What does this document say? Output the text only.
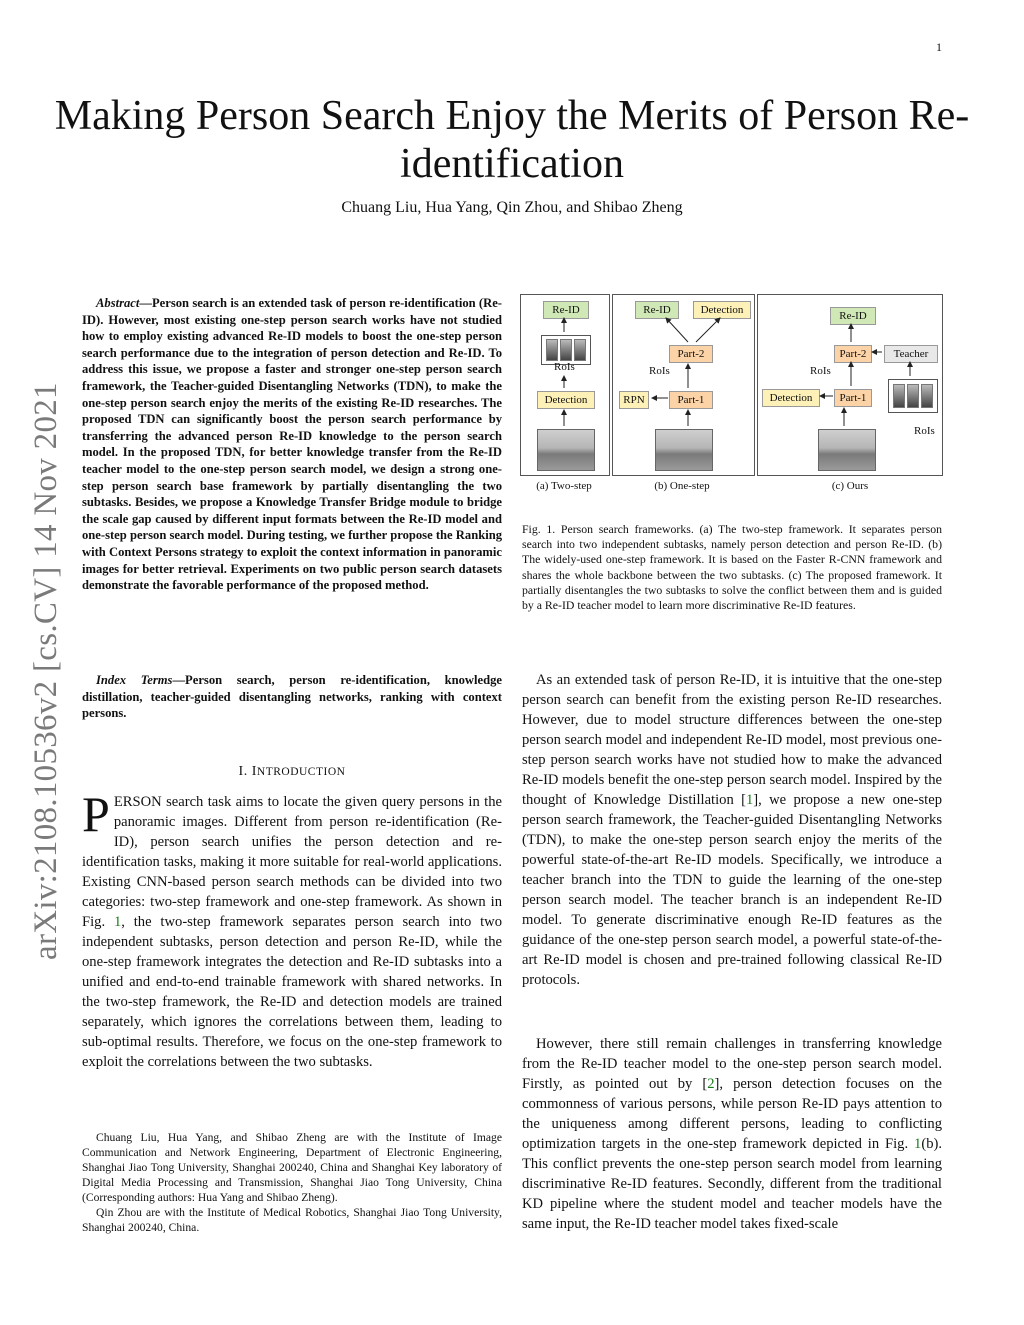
1
arXiv:2108.10536v2 [cs.CV] 14 Nov 2021
Making Person Search Enjoy the Merits of Person Re-identification
Chuang Liu, Hua Yang, Qin Zhou, and Shibao Zheng
Abstract—Person search is an extended task of person re-identification (Re-ID). However, most existing one-step person search works have not studied how to employ existing advanced Re-ID models to boost the one-step person search performance due to the integration of person detection and Re-ID. To address this issue, we propose a faster and stronger one-step person search framework, the Teacher-guided Disentangling Networks (TDN), to make the one-step person search enjoy the merits of the existing Re-ID researches. The proposed TDN can significantly boost the person search performance by transferring the advanced person Re-ID knowledge to the person search model. In the proposed TDN, for better knowledge transfer from the Re-ID teacher model to the one-step person search model, we design a strong one-step person search base framework by partially disentangling the two subtasks. Besides, we propose a Knowledge Transfer Bridge module to bridge the scale gap caused by different input formats between the Re-ID model and one-step person search model. During testing, we further propose the Ranking with Context Persons strategy to exploit the context information in panoramic images for better retrieval. Experiments on two public person search datasets demonstrate the favorable performance of the proposed method.
Index Terms—Person search, person re-identification, knowledge distillation, teacher-guided disentangling networks, ranking with context persons.
I. INTRODUCTION
PERSON search task aims to locate the given query persons in the panoramic images. Different from person re-identification (Re-ID), person search unifies the person detection and re-identification tasks, making it more suitable for real-world applications. Existing CNN-based person search methods can be divided into two categories: two-step framework and one-step framework. As shown in Fig. 1, the two-step framework separates person search into two independent subtasks, person detection and person Re-ID, while the one-step framework integrates the detection and Re-ID subtasks into a unified and end-to-end trainable framework with shared networks. In the two-step framework, the Re-ID and detection models are trained separately, which ignores the correlations between them, leading to sub-optimal results. Therefore, we focus on the one-step framework to exploit the correlations between the two subtasks.

Chuang Liu, Hua Yang, and Shibao Zheng are with the Institute of Image Communication and Network Engineering, Department of Electronic Engineering, Shanghai Jiao Tong University, Shanghai 200240, China and Shanghai Key laboratory of Digital Media Processing and Transmission, Shanghai Jiao Tong University, China (Corresponding authors: Hua Yang and Shibao Zheng).

Qin Zhou are with the Institute of Medical Robotics, Shanghai Jiao Tong University, Shanghai 200240, China.

Re-ID
RoIs
Detection
Re-ID	Detection
Part-2
RoIs
RPN	Part-1
Re-ID
Part-2	Teacher
RoIs
Detection	Part-1
RoIs
(a) Two-step	(b) One-step	(c) Ours
Fig. 1. Person search frameworks. (a) The two-step framework. It separates person search into two independent subtasks, namely person detection and person Re-ID. (b) The widely-used one-step framework. It is based on the Faster R-CNN framework and shares the whole backbone between the two subtasks. (c) The proposed framework. It partially disentangles the two subtasks to solve the conflict between them and is guided by a Re-ID teacher model to learn more discriminative Re-ID features.
As an extended task of person Re-ID, it is intuitive that the one-step person search can benefit from the existing person Re-ID researches. However, due to model structure differences between the one-step person search model and independent Re-ID model, most previous one-step person search works have not studied how to make the advanced Re-ID models benefit the one-step person search model. Inspired by the thought of Knowledge Distillation [1], we propose a new one-step person search framework, the Teacher-guided Disentangling Networks (TDN), to make the one-step person search enjoy the merits of the powerful state-of-the-art Re-ID models. Specifically, we introduce a teacher branch into the TDN to guide the learning of the one-step person search model. The teacher branch is an independent Re-ID model. To generate discriminative enough Re-ID features as the guidance of the one-step person search model, a powerful state-of-the-art Re-ID model is chosen and pre-trained following classical Re-ID protocols.
However, there still remain challenges in transferring knowledge from the Re-ID teacher model to the one-step person search model. Firstly, as pointed out by [2], person detection focuses on the commonness of various persons, while person Re-ID pays attention to the uniqueness among different persons, leading to conflicting optimization targets in the one-step framework depicted in Fig. 1(b). This conflict prevents the one-step person search model from learning discriminative Re-ID features. Secondly, different from the traditional KD pipeline where the student model and teacher models have the same input, the Re-ID teacher model takes fixed-scale
